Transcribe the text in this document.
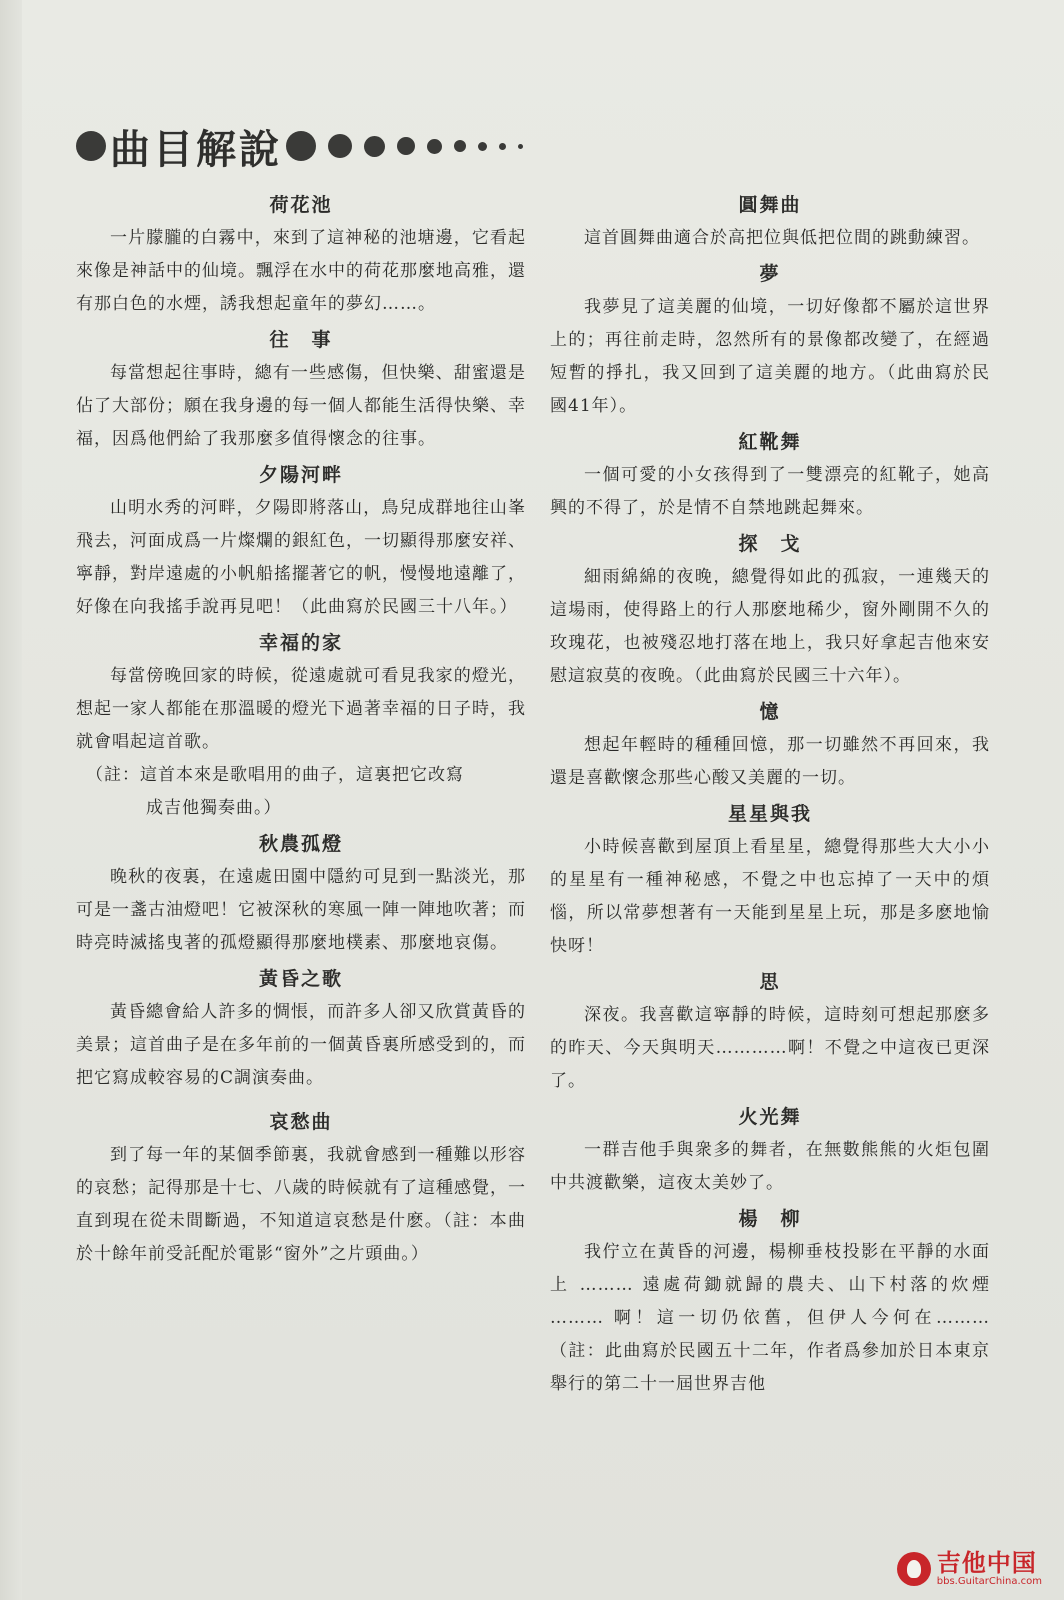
曲目解說
荷花池

一片朦朧的白霧中，來到了這神秘的池塘邊，它看起來像是神話中的仙境。飄浮在水中的荷花那麼地高雅，還有那白色的水煙，誘我想起童年的夢幻……。

往　事

每當想起往事時，總有一些感傷，但快樂、甜蜜還是佔了大部份；願在我身邊的每一個人都能生活得快樂、幸福，因爲他們給了我那麼多值得懷念的往事。

夕陽河畔

山明水秀的河畔，夕陽即將落山，鳥兒成群地往山峯飛去，河面成爲一片燦爛的銀紅色，一切顯得那麼安祥、寧靜，對岸遠處的小帆船搖擺著它的帆，慢慢地遠離了，好像在向我搖手說再見吧！（此曲寫於民國三十八年。）

幸福的家

每當傍晚回家的時候，從遠處就可看見我家的燈光，想起一家人都能在那溫暖的燈光下過著幸福的日子時，我就會唱起這首歌。

（註：這首本來是歌唱用的曲子，這裏把它改寫
成吉他獨奏曲。）

秋農孤燈

晚秋的夜裏，在遠處田園中隱約可見到一點淡光，那可是一盞古油燈吧！它被深秋的寒風一陣一陣地吹著；而時亮時滅搖曳著的孤燈顯得那麼地樸素、那麼地哀傷。

黃昏之歌

黃昏總會給人許多的惆悵，而許多人卻又欣賞黃昏的美景；這首曲子是在多年前的一個黃昏裏所感受到的，而把它寫成較容易的C調演奏曲。

哀愁曲

到了每一年的某個季節裏，我就會感到一種難以形容的哀愁；記得那是十七、八歲的時候就有了這種感覺，一直到現在從未間斷過，不知道這哀愁是什麽。（註：本曲於十餘年前受託配於電影“窗外”之片頭曲。）

圓舞曲

這首圓舞曲適合於高把位與低把位間的跳動練習。

夢

我夢見了這美麗的仙境，一切好像都不屬於這世界上的；再往前走時，忽然所有的景像都改變了，在經過短暫的掙扎，我又回到了這美麗的地方。（此曲寫於民國41年）。

紅靴舞

一個可愛的小女孩得到了一雙漂亮的紅靴子，她高興的不得了，於是情不自禁地跳起舞來。

探　戈

細雨綿綿的夜晚，總覺得如此的孤寂，一連幾天的這場雨，使得路上的行人那麽地稀少，窗外剛開不久的玫瑰花，也被殘忍地打落在地上，我只好拿起吉他來安慰這寂莫的夜晚。（此曲寫於民國三十六年）。

憶

想起年輕時的種種回憶，那一切雖然不再回來，我還是喜歡懷念那些心酸又美麗的一切。

星星與我

小時候喜歡到屋頂上看星星，總覺得那些大大小小的星星有一種神秘感，不覺之中也忘掉了一天中的煩惱，所以常夢想著有一天能到星星上玩，那是多麽地愉快呀！

思

深夜。我喜歡這寧靜的時候，這時刻可想起那麽多的昨天、今天與明天…………啊！不覺之中這夜已更深了。

火光舞

一群吉他手與衆多的舞者，在無數熊熊的火炬包圍中共渡歡樂，這夜太美妙了。

楊　柳

我佇立在黃昏的河邊，楊柳垂枝投影在平靜的水面上 ……… 遠處荷鋤就歸的農夫、山下村落的炊煙 ……… 啊！這一切仍依舊，但伊人今何在……… （註：此曲寫於民國五十二年，作者爲參加於日本東京舉行的第二十一屆世界吉他

吉他中国
bbs.GuitarChina.com
